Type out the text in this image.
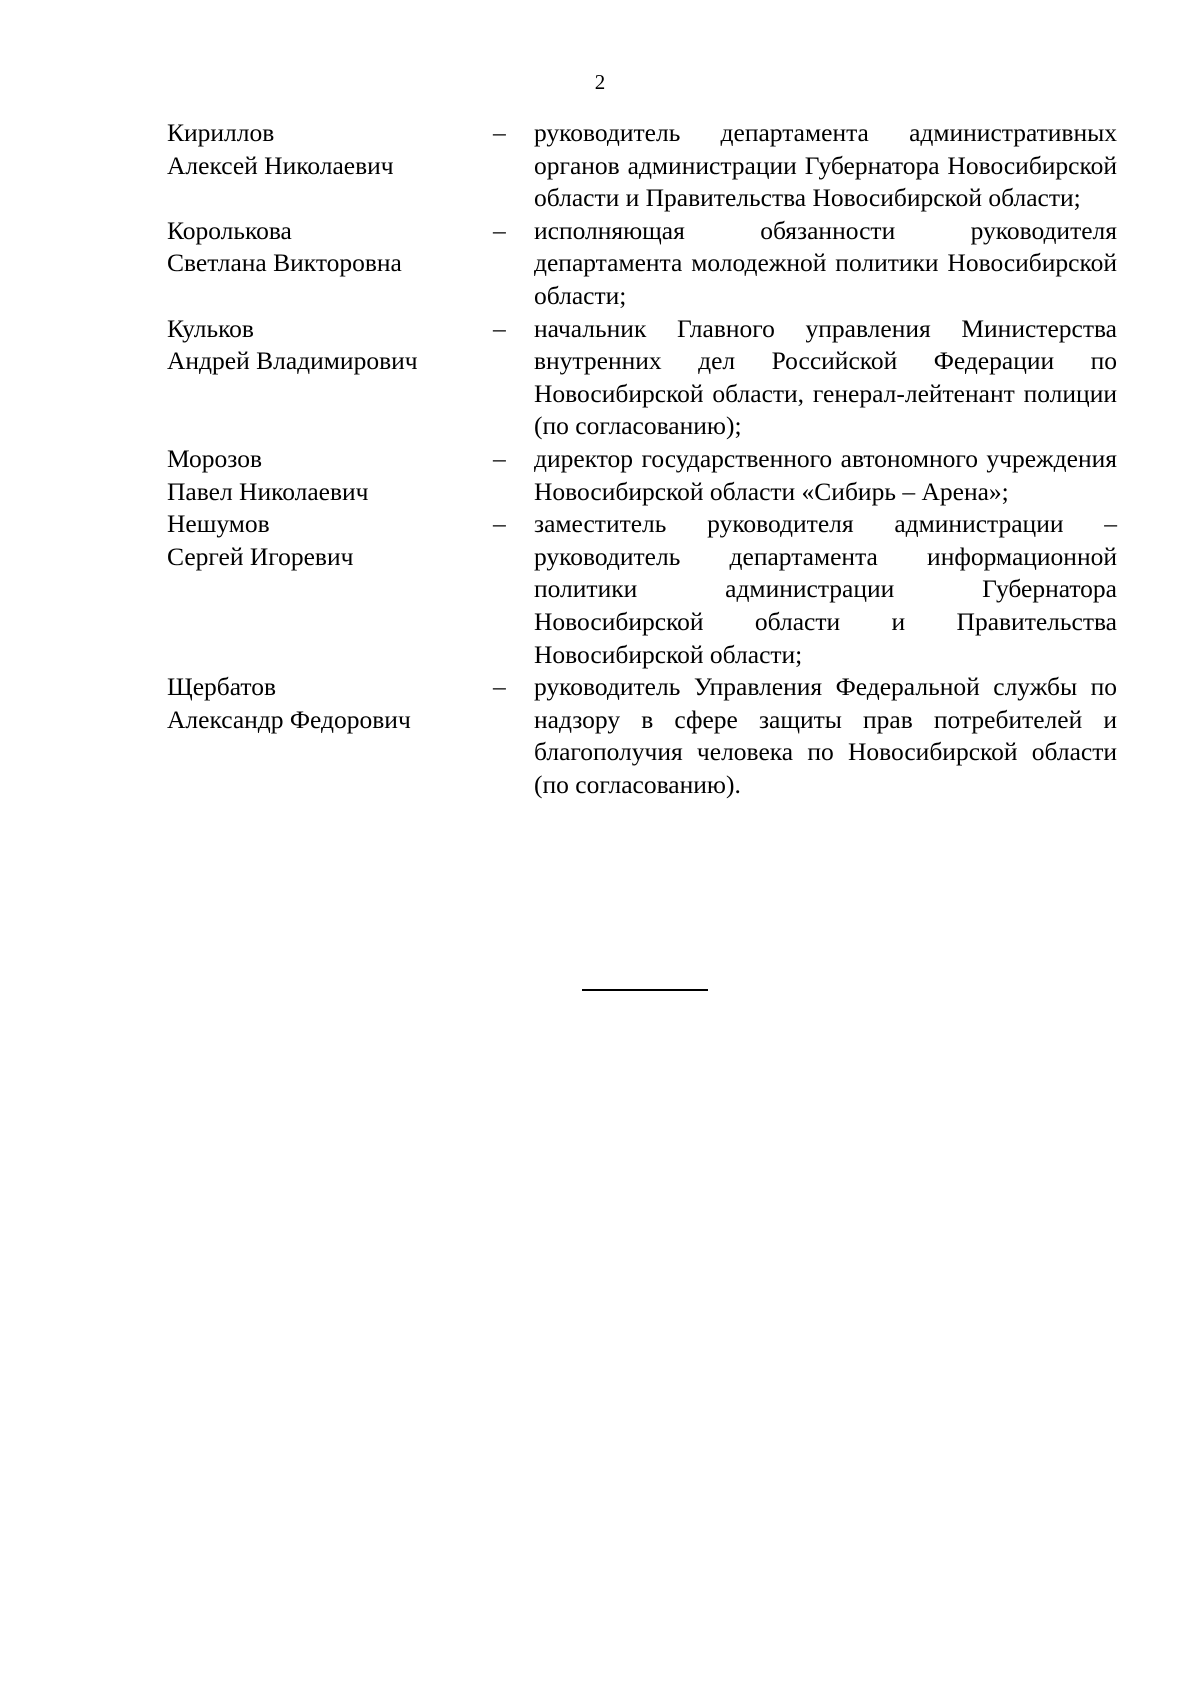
2
Кириллов
Алексей Николаевич
–	руководитель департамента административных органов администрации Губернатора Новосибирской области и Правительства Новосибирской области;
Королькова
Светлана Викторовна
–	исполняющая обязанности руководителя департамента молодежной политики Новосибирской области;
Кульков
Андрей Владимирович
–	начальник Главного управления Министерства внутренних дел Российской Федерации по Новосибирской области, генерал-лейтенант полиции (по согласованию);
Морозов
Павел Николаевич
–	директор государственного автономного учреждения Новосибирской области «Сибирь – Арена»;
Нешумов
Сергей Игоревич
–	заместитель руководителя администрации – руководитель департамента информационной политики администрации Губернатора Новосибирской области и Правительства Новосибирской области;
Щербатов
Александр Федорович
–	руководитель Управления Федеральной службы по надзору в сфере защиты прав потребителей и благополучия человека по Новосибирской области (по согласованию).
